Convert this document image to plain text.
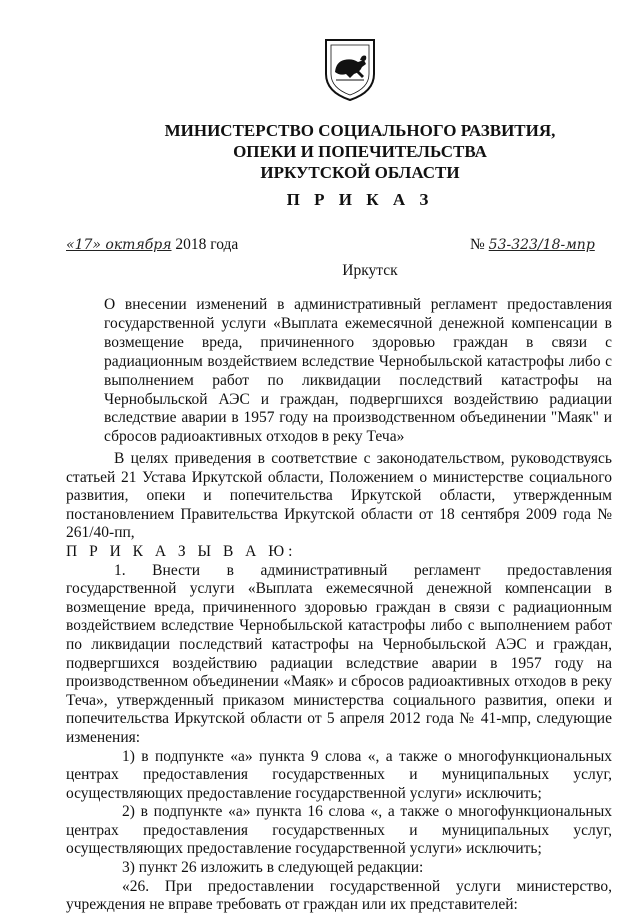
МИНИСТЕРСТВО СОЦИАЛЬНОГО РАЗВИТИЯ,
ОПЕКИ И ПОПЕЧИТЕЛЬСТВА
ИРКУТСКОЙ ОБЛАСТИ
П Р И К А З
«17» октября 2018 года	№ 53-323/18-мпр
Иркутск
О внесении изменений в административный регламент предоставления государственной услуги «Выплата ежемесячной денежной компенсации в возмещение вреда, причиненного здоровью граждан в связи с радиационным воздействием вследствие Чернобыльской катастрофы либо с выполнением работ по ликвидации последствий катастрофы на Чернобыльской АЭС и граждан, подвергшихся воздействию радиации вследствие аварии в 1957 году на производственном объединении "Маяк" и сбросов радиоактивных отходов в реку Теча»

В целях приведения в соответствие с законодательством, руководствуясь статьей 21 Устава Иркутской области, Положением о министерстве социального развития, опеки и попечительства Иркутской области, утвержденным постановлением Правительства Иркутской области от 18 сентября 2009 года № 261/40-пп,

П Р И К А З Ы В А Ю:

1. Внести в административный регламент предоставления государственной услуги «Выплата ежемесячной денежной компенсации в возмещение вреда, причиненного здоровью граждан в связи с радиационным воздействием вследствие Чернобыльской катастрофы либо с выполнением работ по ликвидации последствий катастрофы на Чернобыльской АЭС и граждан, подвергшихся воздействию радиации вследствие аварии в 1957 году на производственном объединении «Маяк» и сбросов радиоактивных отходов в реку Теча», утвержденный приказом министерства социального развития, опеки и попечительства Иркутской области от 5 апреля 2012 года № 41-мпр, следующие изменения:

1) в подпункте «а» пункта 9 слова «, а также о многофункциональных центрах предоставления государственных и муниципальных услуг, осуществляющих предоставление государственной услуги» исключить;

2) в подпункте «а» пункта 16 слова «, а также о многофункциональных центрах предоставления государственных и муниципальных услуг, осуществляющих предоставление государственной услуги» исключить;

3) пункт 26 изложить в следующей редакции:

«26. При предоставлении государственной услуги министерство, учреждения не вправе требовать от граждан или их представителей:
